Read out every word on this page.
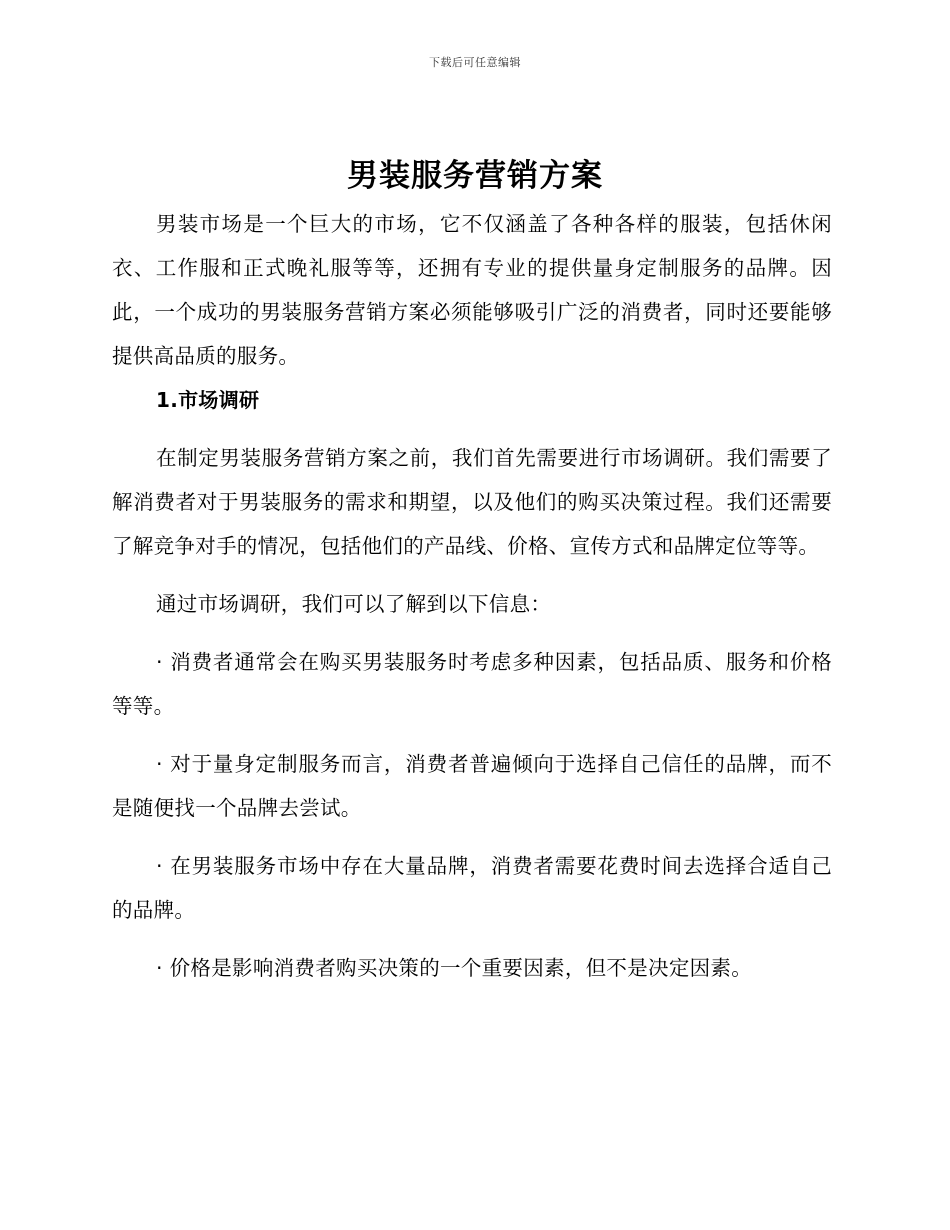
下载后可任意编辑
男装服务营销方案

男装市场是一个巨大的市场，它不仅涵盖了各种各样的服装，包括休闲衣、工作服和正式晚礼服等等，还拥有专业的提供量身定制服务的品牌。因此，一个成功的男装服务营销方案必须能够吸引广泛的消费者，同时还要能够提供高品质的服务。

1.市场调研

在制定男装服务营销方案之前，我们首先需要进行市场调研。我们需要了解消费者对于男装服务的需求和期望，以及他们的购买决策过程。我们还需要了解竞争对手的情况，包括他们的产品线、价格、宣传方式和品牌定位等等。

通过市场调研，我们可以了解到以下信息：

· 消费者通常会在购买男装服务时考虑多种因素，包括品质、服务和价格等等。

· 对于量身定制服务而言，消费者普遍倾向于选择自己信任的品牌，而不是随便找一个品牌去尝试。

· 在男装服务市场中存在大量品牌，消费者需要花费时间去选择合适自己的品牌。

· 价格是影响消费者购买决策的一个重要因素，但不是决定因素。
